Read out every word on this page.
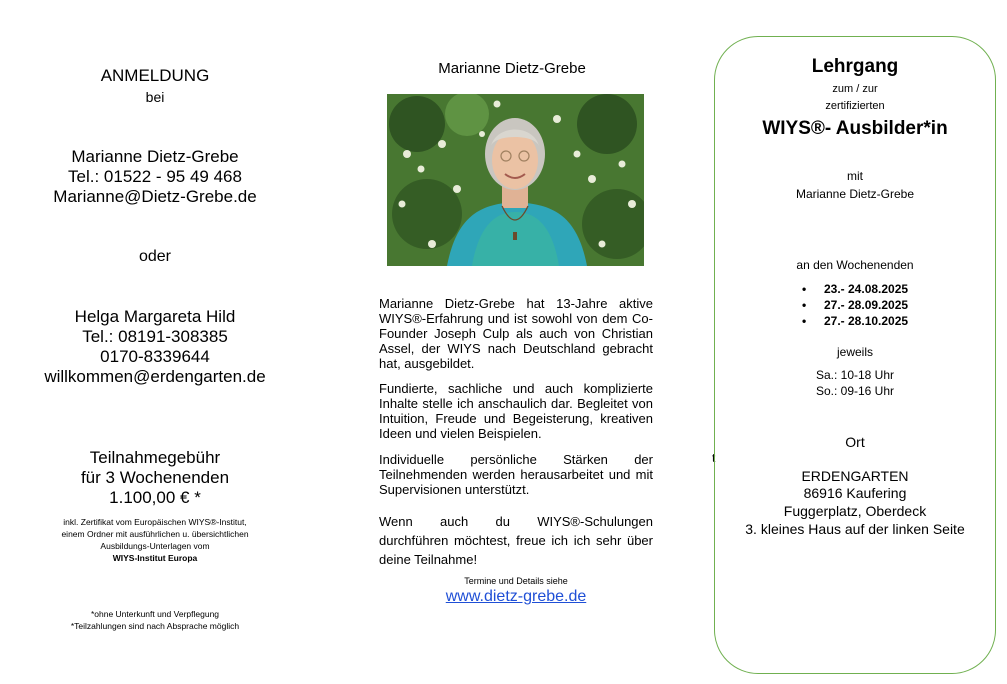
ANMELDUNG
bei
Marianne Dietz-Grebe
Tel.: 01522 - 95 49 468
Marianne@Dietz-Grebe.de
oder
Helga Margareta Hild
Tel.: 08191-308385
0170-8339644
willkommen@erdengarten.de
Teilnahmegebühr
für 3 Wochenenden
1.100,00 € *
inkl. Zertifikat vom Europäischen WIYS®-Institut,
einem Ordner mit ausführlichen u. übersichtlichen
Ausbildungs-Unterlagen vom
WIYS-Institut Europa
*ohne Unterkunft und Verpflegung
*Teilzahlungen sind nach Absprache möglich
Marianne Dietz-Grebe
Marianne Dietz-Grebe hat 13-Jahre aktive WIYS®-Erfahrung und ist sowohl von dem Co-Founder Joseph Culp als auch von Christian Assel, der WIYS nach Deutschland gebracht hat, ausgebildet.
Fundierte, sachliche und auch komplizierte Inhalte stelle ich anschaulich dar. Begleitet von Intuition, Freude und Begeisterung, kreativen Ideen und vielen Beispielen.
Individuelle persönliche Stärken der Teilnehmenden werden herausarbeitet und mit Supervisionen unterstützt.
Wenn auch du WIYS®-Schulungen durchführen möchtest, freue ich ich sehr über deine Teilnahme!
Termine und Details siehe
www.dietz-grebe.de
t
Lehrgang
zum / zur
zertifizierten
WIYS®- Ausbilder*in
mit
Marianne Dietz-Grebe
an den Wochenenden
• 23.- 24.08.2025
• 27.- 28.09.2025
• 27.- 28.10.2025
jeweils
Sa.: 10-18 Uhr
So.: 09-16 Uhr
Ort
ERDENGARTEN
86916 Kaufering
Fuggerplatz, Oberdeck
3. kleines Haus auf der linken Seite
